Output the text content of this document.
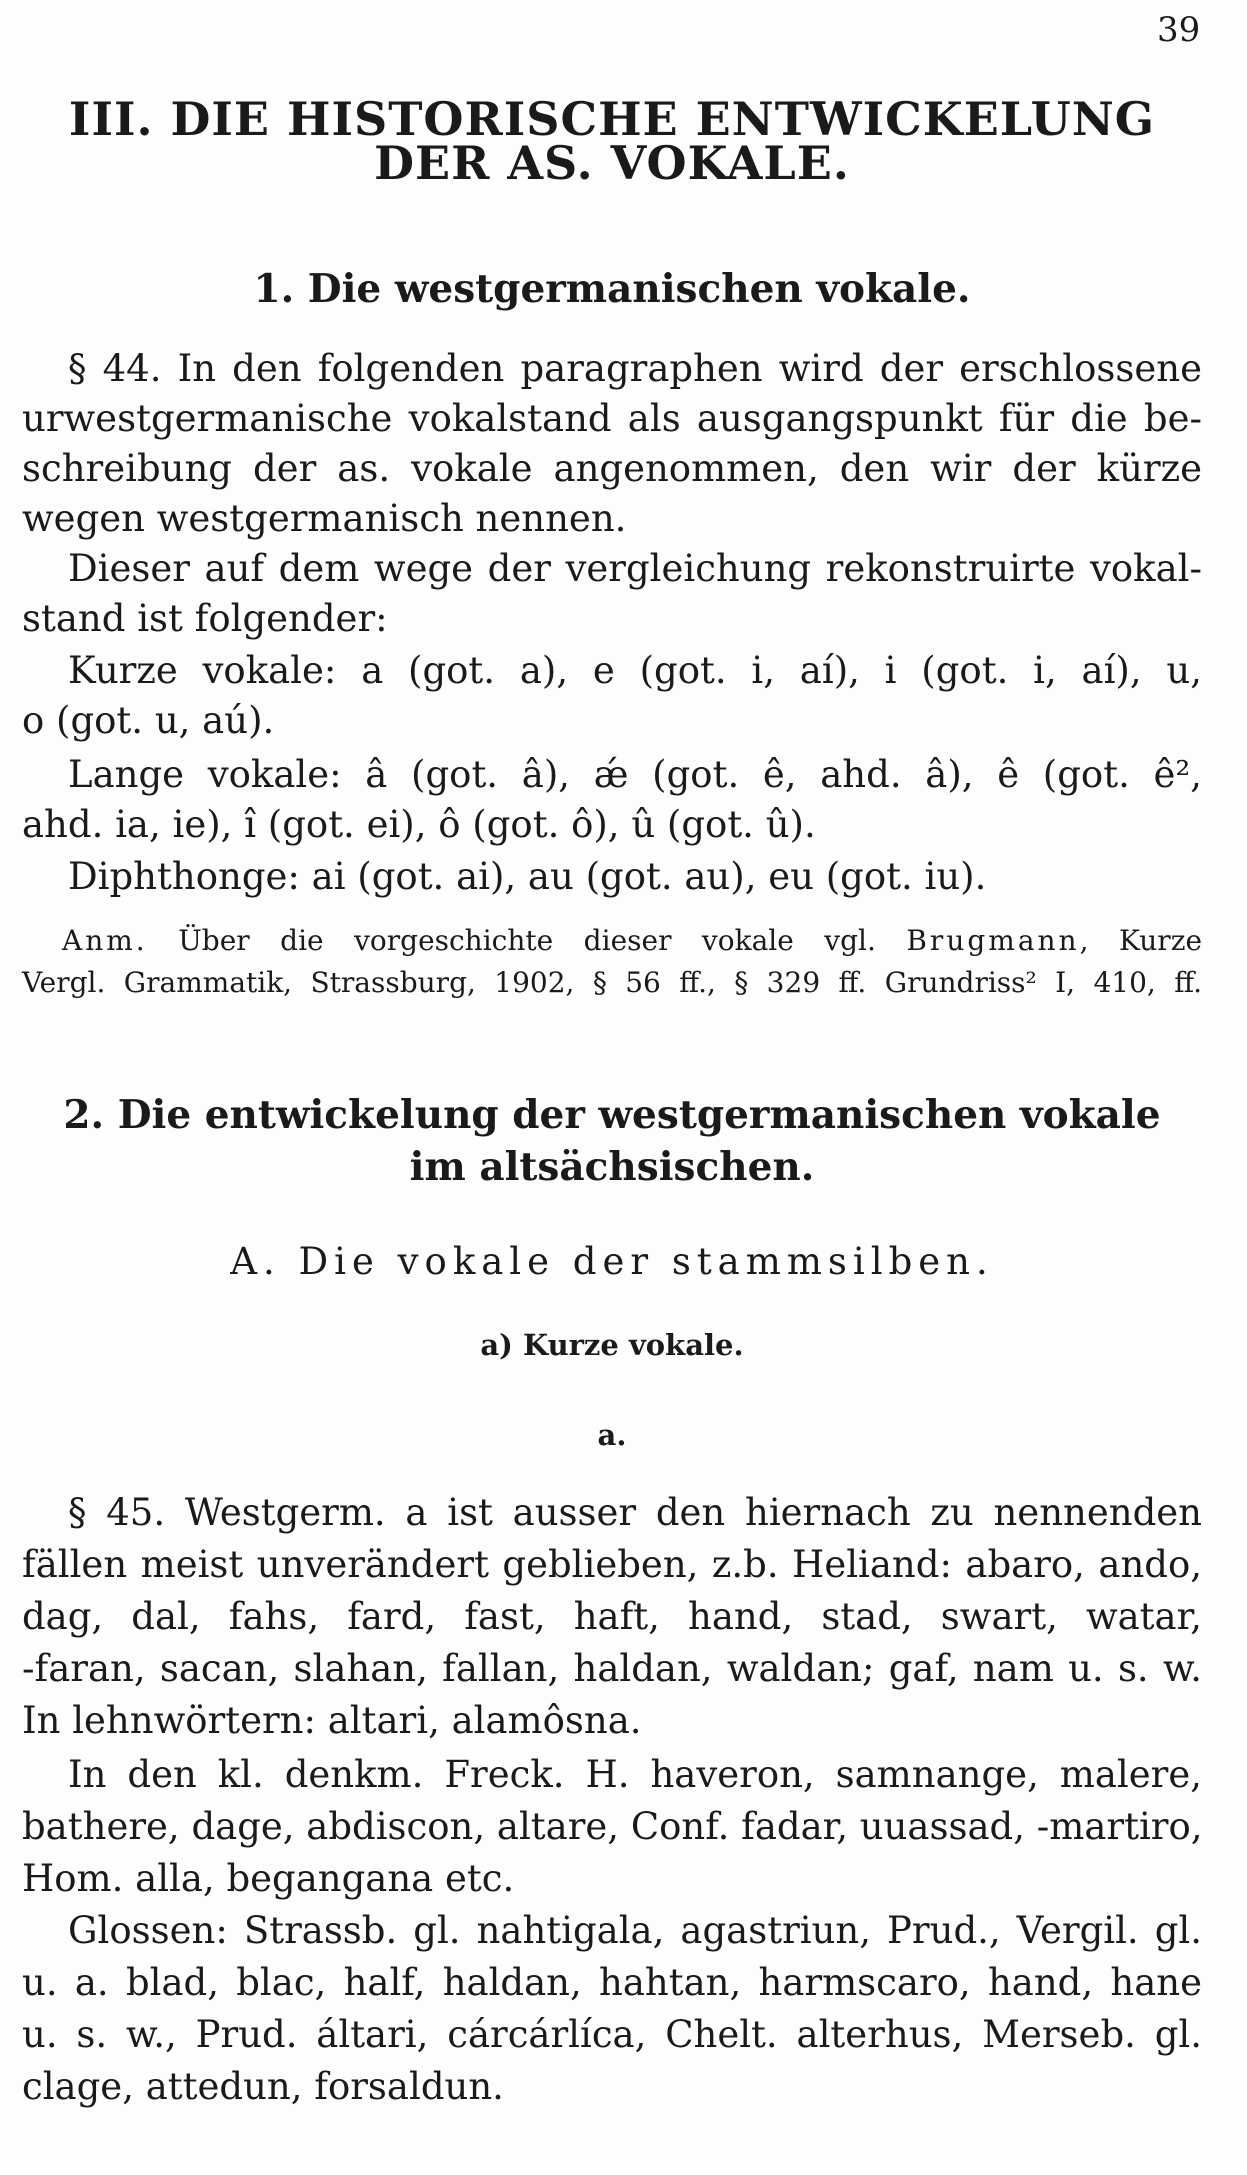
39
III. DIE HISTORISCHE ENTWICKELUNG
DER AS. VOKALE.
1. Die westgermanischen vokale.
§ 44. In den folgenden paragraphen wird der erschlossene
urwestgermanische vokalstand als ausgangspunkt für die be-
schreibung der as. vokale angenommen, den wir der kürze
wegen westgermanisch nennen.
Dieser auf dem wege der vergleichung rekonstruirte vokal-
stand ist folgender:
Kurze vokale: a (got. a), e (got. i, aí), i (got. i, aí), u,
o (got. u, aú).
Lange vokale: â (got. â), ǽ (got. ê, ahd. â), ê (got. ê²,
ahd. ia, ie), î (got. ei), ô (got. ô), û (got. û).
Diphthonge: ai (got. ai), au (got. au), eu (got. iu).
Anm. Über die vorgeschichte dieser vokale vgl. Brugmann, Kurze
Vergl. Grammatik, Strassburg, 1902, § 56 ff., § 329 ff. Grundriss² I, 410, ff.
2. Die entwickelung der westgermanischen vokale
im altsächsischen.
A. Die vokale der stammsilben.
a) Kurze vokale.
a.
§ 45. Westgerm. a ist ausser den hiernach zu nennenden
fällen meist unverändert geblieben, z.b. Heliand: abaro, ando,
dag, dal, fahs, fard, fast, haft, hand, stad, swart, watar,
-faran, sacan, slahan, fallan, haldan, waldan; gaf, nam u. s. w.
In lehnwörtern: altari, alamôsna.
In den kl. denkm. Freck. H. haveron, samnange, malere,
bathere, dage, abdiscon, altare, Conf. fadar, uuassad, -martiro,
Hom. alla, begangana etc.
Glossen: Strassb. gl. nahtigala, agastriun, Prud., Vergil. gl.
u. a. blad, blac, half, haldan, hahtan, harmscaro, hand, hane
u. s. w., Prud. áltari, cárcárlíca, Chelt. alterhus, Merseb. gl.
clage, attedun, forsaldun.
